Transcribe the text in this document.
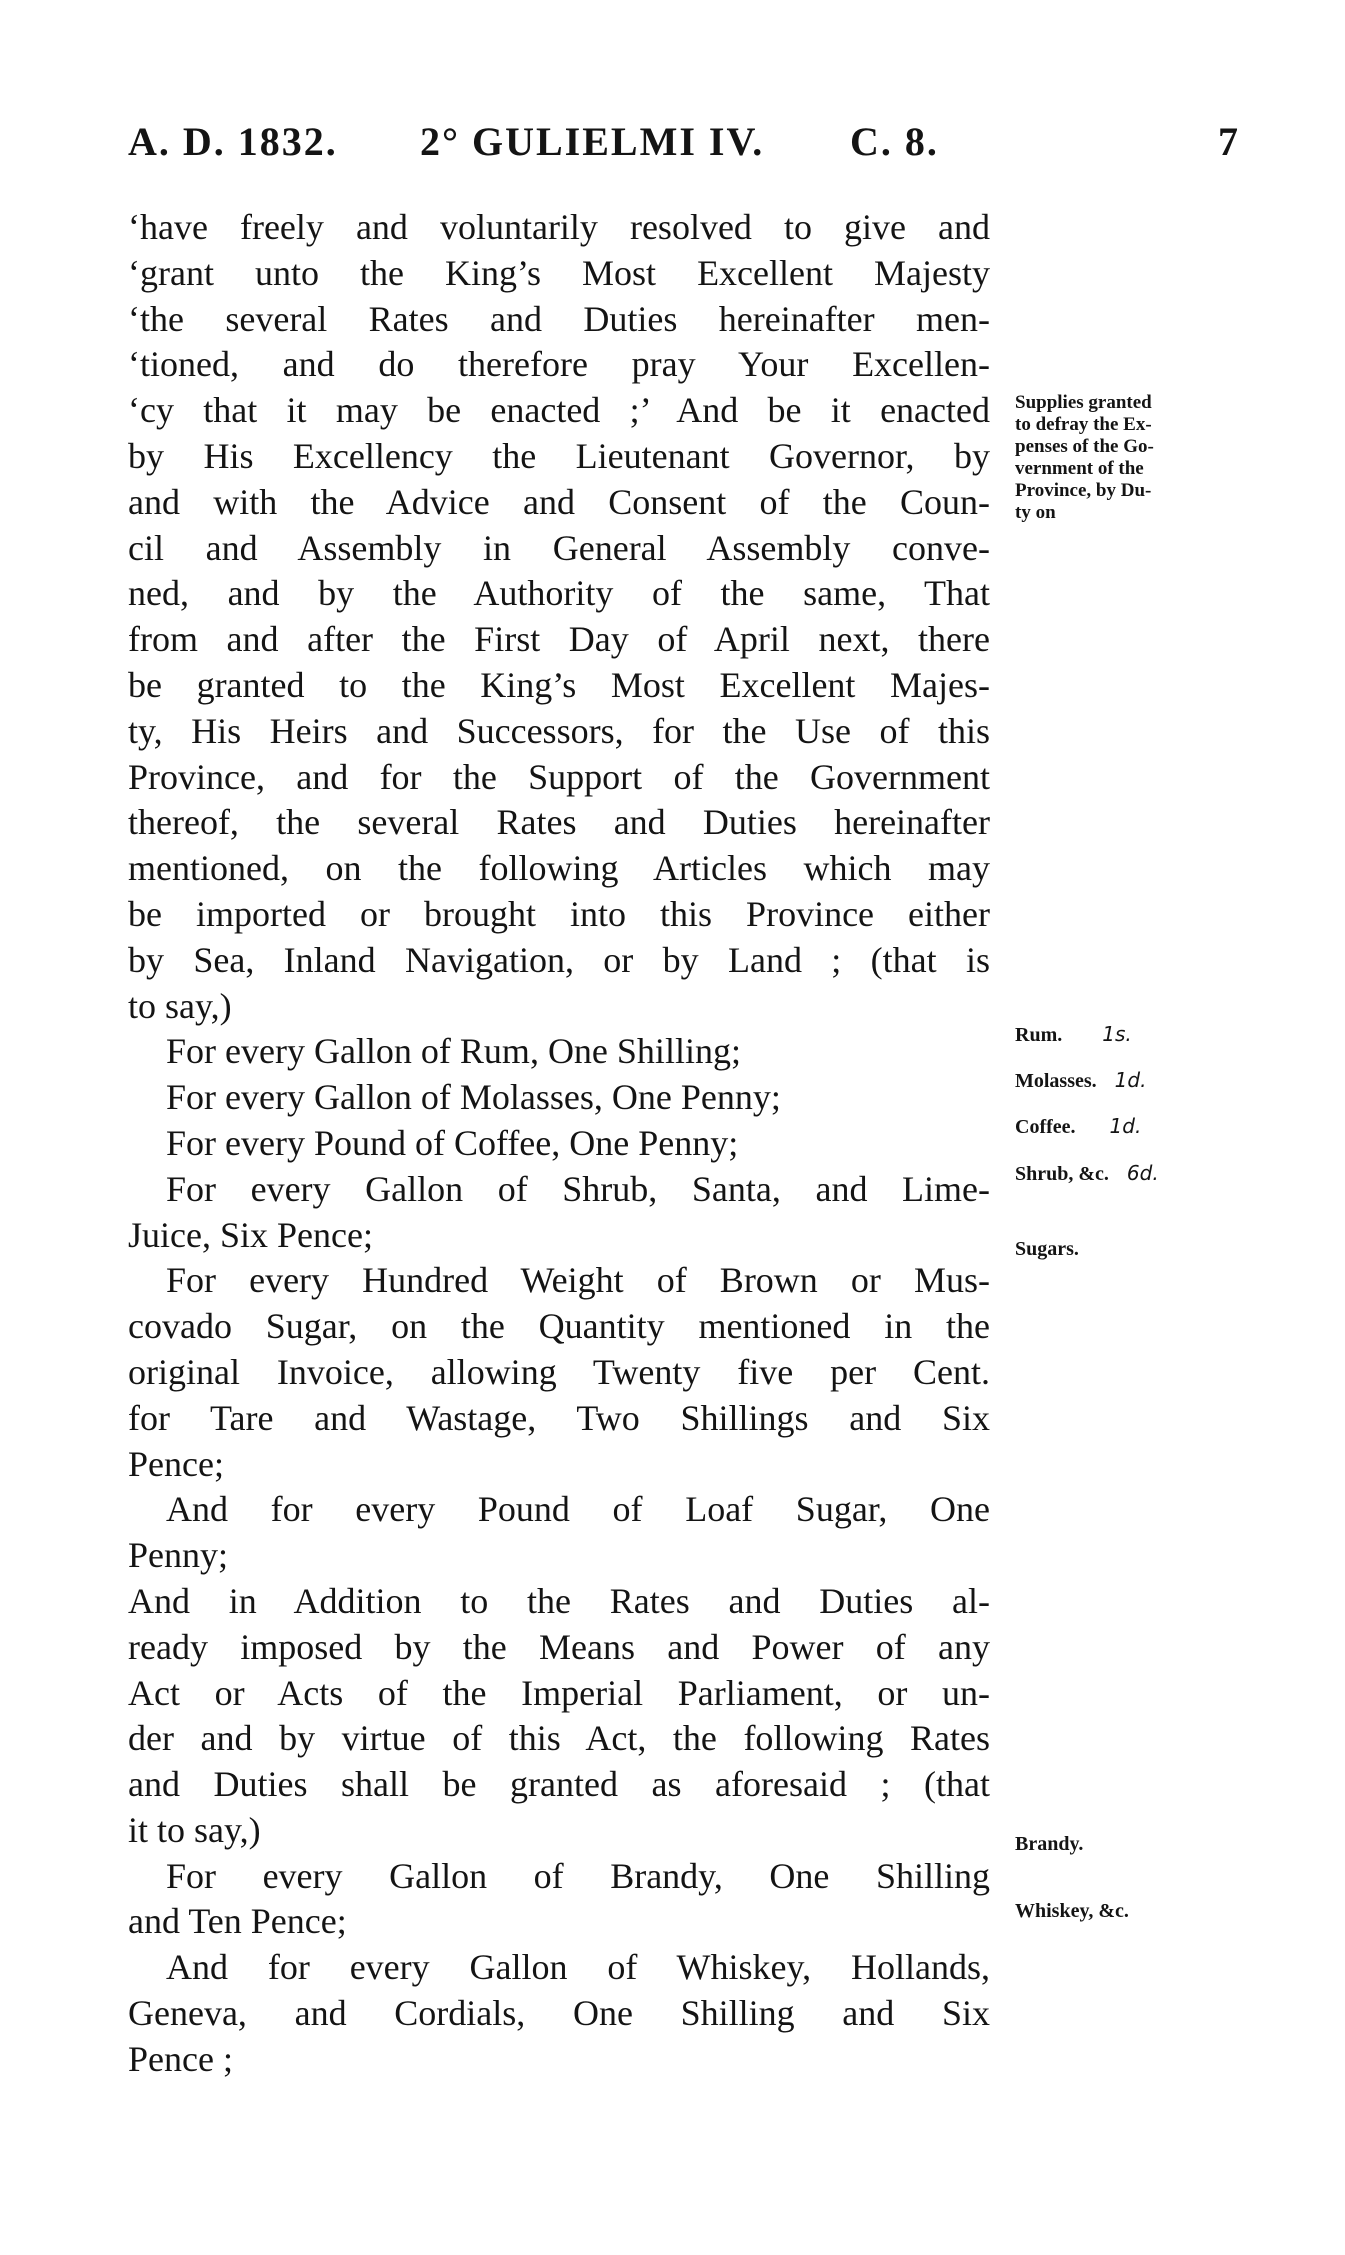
A. D. 1832. 2° GULIELMI IV. C. 8.	7
‘have freely and voluntarily resolved to give and
‘grant unto the King’s Most Excellent Majesty
‘the several Rates and Duties hereinafter men-
‘tioned, and do therefore pray Your Excellen-
‘cy that it may be enacted ;’ And be it enacted
by His Excellency the Lieutenant Governor, by
and with the Advice and Consent of the Coun-
cil and Assembly in General Assembly conve-
ned, and by the Authority of the same, That
from and after the First Day of April next, there
be granted to the King’s Most Excellent Majes-
ty, His Heirs and Successors, for the Use of this
Province, and for the Support of the Government
thereof, the several Rates and Duties hereinafter
mentioned, on the following Articles which may
be imported or brought into this Province either
by Sea, Inland Navigation, or by Land ; (that is
to say,)
For every Gallon of Rum, One Shilling;
For every Gallon of Molasses, One Penny;
For every Pound of Coffee, One Penny;
For every Gallon of Shrub, Santa, and Lime-
Juice, Six Pence;
For every Hundred Weight of Brown or Mus-
covado Sugar, on the Quantity mentioned in the
original Invoice, allowing Twenty five per Cent.
for Tare and Wastage, Two Shillings and Six
Pence;
And for every Pound of Loaf Sugar, One
Penny;
And in Addition to the Rates and Duties al-
ready imposed by the Means and Power of any
Act or Acts of the Imperial Parliament, or un-
der and by virtue of this Act, the following Rates
and Duties shall be granted as aforesaid ; (that
it to say,)
For every Gallon of Brandy, One Shilling
and Ten Pence;
And for every Gallon of Whiskey, Hollands,
Geneva, and Cordials, One Shilling and Six
Pence ;
Supplies granted
to defray the Ex-
penses of the Go-
vernment of the
Province, by Du-
ty on
Rum. 1s.
Molasses. 1d.
Coffee. 1d.
Shrub, &c. 6d.
Sugars.
Brandy.
Whiskey, &c.
